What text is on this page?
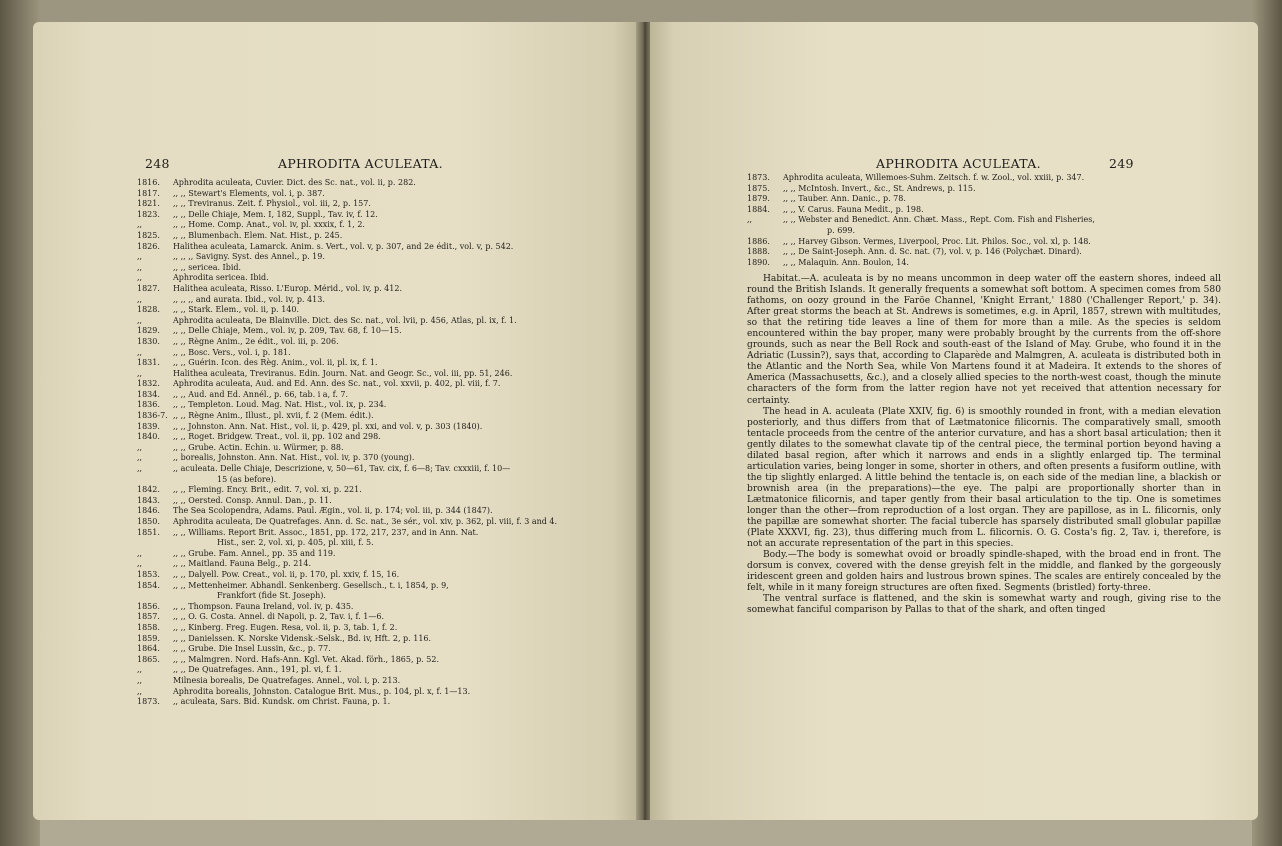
248	APHRODITA ACULEATA.
1816.	Aphrodita aculeata, Cuvier. Dict. des Sc. nat., vol. ii, p. 282.
1817.	,, ,, Stewart's Elements, vol. i, p. 387.
1821.	,, ,, Treviranus. Zeit. f. Physiol., vol. iii, 2, p. 157.
1823.	,, ,, Delle Chiaje, Mem. I, 182, Suppl., Tav. iv, f. 12.
,,	,, ,, Home. Comp. Anat., vol. iv, pl. xxxix, f. 1, 2.
1825.	,, ,, Blumenbach. Elem. Nat. Hist., p. 245.
1826.	Halithea aculeata, Lamarck. Anim. s. Vert., vol. v, p. 307, and 2e édit., vol. v, p. 542.
,,	,, ,, ,, Savigny. Syst. des Annel., p. 19.
,,	,, ,, sericea. Ibid.
,,	Aphrodita sericea. Ibid.
1827.	Halithea aculeata, Risso. L'Europ. Mérid., vol. iv, p. 412.
,,	,, ,, ,, and aurata. Ibid., vol. iv, p. 413.
1828.	,, ,, Stark. Elem., vol. ii, p. 140.
,,	Aphrodita aculeata, De Blainville. Dict. des Sc. nat., vol. lvii, p. 456, Atlas, pl. ix, f. 1.
1829.	,, ,, Delle Chiaje, Mem., vol. iv, p. 209, Tav. 68, f. 10—15.
1830.	,, ,, Règne Anim., 2e édit., vol. iii, p. 206.
,,	,, ,, Bosc. Vers., vol. i, p. 181.
1831.	,, ,, Guérin. Icon. des Règ. Anim., vol. ii, pl. ix, f. 1.
,,	Halithea aculeata, Treviranus. Edin. Journ. Nat. and Geogr. Sc., vol. iii, pp. 51, 246.
1832.	Aphrodita aculeata, Aud. and Ed. Ann. des Sc. nat., vol. xxvii, p. 402, pl. viii, f. 7.
1834.	,, ,, Aud. and Ed. Annél., p. 66, tab. i a, f. 7.
1836.	,, ,, Templeton. Loud. Mag. Nat. Hist., vol. ix, p. 234.
1836-7. ,, ,, Règne Anim., Illust., pl. xvii, f. 2 (Mem. édit.).
1839.	,, ,, Johnston. Ann. Nat. Hist., vol. ii, p. 429, pl. xxi, and vol. v, p. 303 (1840).
1840.	,, ,, Roget. Bridgew. Treat., vol. ii, pp. 102 and 298.
,,	,, ,, Grube. Actin. Echin. u. Würmer, p. 88.
,,	,, borealis, Johnston. Ann. Nat. Hist., vol. iv, p. 370 (young).
,,	,, aculeata. Delle Chiaje, Descrizione, v, 50—61, Tav. cix, f. 6—8; Tav. cxxxiii, f. 10—
15 (as before).
1842.	,, ,, Fleming. Ency. Brit., edit. 7, vol. xi, p. 221.
1843.	,, ,, Oersted. Consp. Annul. Dan., p. 11.
1846.	The Sea Scolopendra, Adams. Paul. Ægin., vol. ii, p. 174; vol. iii, p. 344 (1847).
1850.	Aphrodita aculeata, De Quatrefages. Ann. d. Sc. nat., 3e sér., vol. xiv, p. 362, pl. viii, f. 3 and 4.
1851.	,, ,, Williams. Report Brit. Assoc., 1851, pp. 172, 217, 237, and in Ann. Nat.
Hist., ser. 2, vol. xi, p. 405, pl. xiii, f. 5.
,,	,, ,, Grube. Fam. Annel., pp. 35 and 119.
,,	,, ,, Maitland. Fauna Belg., p. 214.
1853.	,, ,, Dalyell. Pow. Creat., vol. ii, p. 170, pl. xxiv, f. 15, 16.
1854.	,, ,, Mettenheimer. Abhandl. Senkenberg. Gesellsch., t. i, 1854, p. 9,
Frankfort (fide St. Joseph).
1856.	,, ,, Thompson. Fauna Ireland, vol. iv, p. 435.
1857.	,, ,, O. G. Costa. Annel. di Napoli, p. 2, Tav. i, f. 1—6.
1858.	,, ,, Kinberg. Freg. Eugen. Resa, vol. ii, p. 3, tab. 1, f. 2.
1859.	,, ,, Danielssen. K. Norske Vidensk.-Selsk., Bd. iv, Hft. 2, p. 116.
1864.	,, ,, Grube. Die Insel Lussin, &c., p. 77.
1865.	,, ,, Malmgren. Nord. Hafs-Ann. Kgl. Vet. Akad. förh., 1865, p. 52.
,,	,, ,, De Quatrefages. Ann., 191, pl. vi, f. 1.
,,	Milnesia borealis, De Quatrefages. Annel., vol. i, p. 213.
,,	Aphrodita borealis, Johnston. Catalogue Brit. Mus., p. 104, pl. x, f. 1—13.
1873.	,, aculeata, Sars. Bid. Kundsk. om Christ. Fauna, p. 1.
APHRODITA ACULEATA.	249
1873.	Aphrodita aculeata, Willemoes-Suhm. Zeitsch. f. w. Zool., vol. xxiii, p. 347.
1875.	,, ,, McIntosh. Invert., &c., St. Andrews, p. 115.
1879.	,, ,, Tauber. Ann. Danic., p. 78.
1884.	,, ,, V. Carus. Fauna Medit., p. 198.
,,	,, ,, Webster and Benedict. Ann. Chæt. Mass., Rept. Com. Fish and Fisheries,
p. 699.
1886.	,, ,, Harvey Gibson. Vermes, Liverpool, Proc. Lit. Philos. Soc., vol. xl, p. 148.
1888.	,, ,, De Saint-Joseph. Ann. d. Sc. nat. (7), vol. v, p. 146 (Polychæt. Dinard).
1890.	,, ,, Malaquin. Ann. Boulon, 14.

Habitat.—A. aculeata is by no means uncommon in deep water off the eastern shores, indeed all round the British Islands. It generally frequents a somewhat soft bottom. A specimen comes from 580 fathoms, on oozy ground in the Faröe Channel, 'Knight Errant,' 1880 ('Challenger Report,' p. 34). After great storms the beach at St. Andrews is sometimes, e.g. in April, 1857, strewn with multitudes, so that the retiring tide leaves a line of them for more than a mile. As the species is seldom encountered within the bay proper, many were probably brought by the currents from the off-shore grounds, such as near the Bell Rock and south-east of the Island of May. Grube, who found it in the Adriatic (Lussin?), says that, according to Claparède and Malmgren, A. aculeata is distributed both in the Atlantic and the North Sea, while Von Martens found it at Madeira. It extends to the shores of America (Massachusetts, &c.), and a closely allied species to the north-west coast, though the minute characters of the form from the latter region have not yet received that attention necessary for certainty.

The head in A. aculeata (Plate XXIV, fig. 6) is smoothly rounded in front, with a median elevation posteriorly, and thus differs from that of Lætmatonice filicornis. The comparatively small, smooth tentacle proceeds from the centre of the anterior curvature, and has a short basal articulation; then it gently dilates to the somewhat clavate tip of the central piece, the terminal portion beyond having a dilated basal region, after which it narrows and ends in a slightly enlarged tip. The terminal articulation varies, being longer in some, shorter in others, and often presents a fusiform outline, with the tip slightly enlarged. A little behind the tentacle is, on each side of the median line, a blackish or brownish area (in the preparations)—the eye. The palpi are proportionally shorter than in Lætmatonice filicornis, and taper gently from their basal articulation to the tip. One is sometimes longer than the other—from reproduction of a lost organ. They are papillose, as in L. filicornis, only the papillæ are somewhat shorter. The facial tubercle has sparsely distributed small globular papillæ (Plate XXXVI, fig. 23), thus differing much from L. filicornis. O. G. Costa's fig. 2, Tav. i, therefore, is not an accurate representation of the part in this species.

Body.—The body is somewhat ovoid or broadly spindle-shaped, with the broad end in front. The dorsum is convex, covered with the dense greyish felt in the middle, and flanked by the gorgeously iridescent green and golden hairs and lustrous brown spines. The scales are entirely concealed by the felt, while in it many foreign structures are often fixed. Segments (bristled) forty-three.

The ventral surface is flattened, and the skin is somewhat warty and rough, giving rise to the somewhat fanciful comparison by Pallas to that of the shark, and often tinged
